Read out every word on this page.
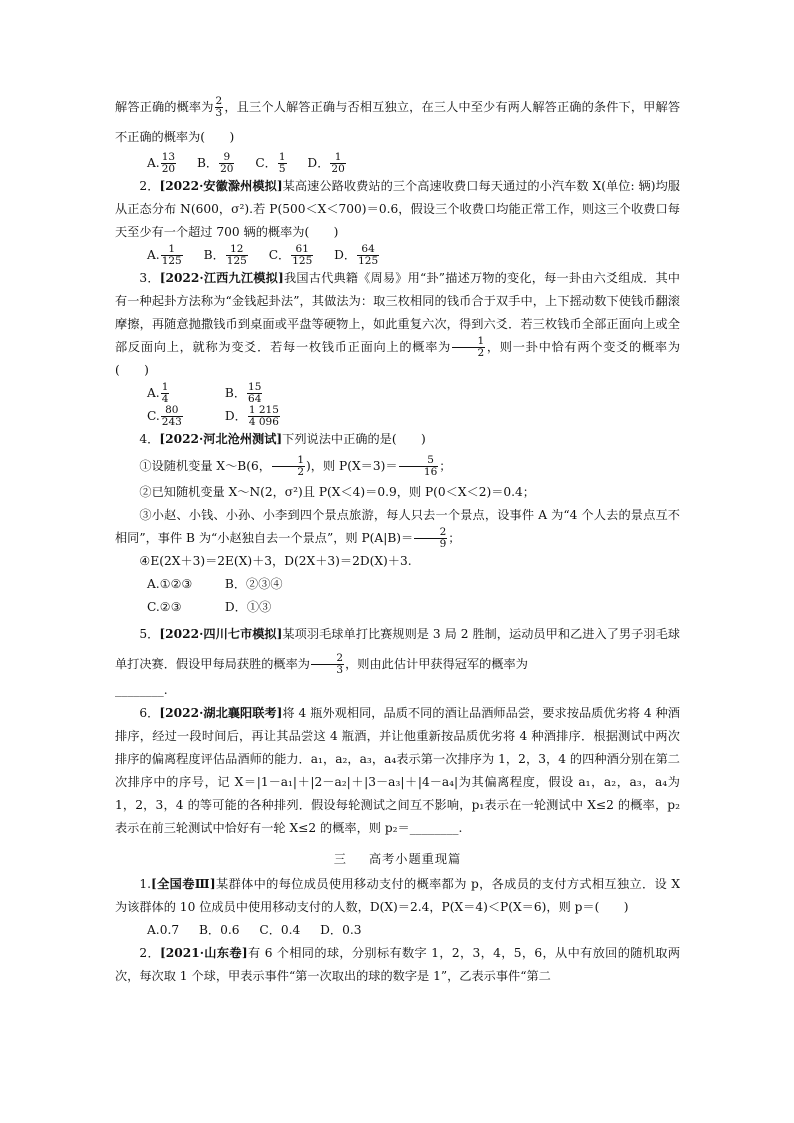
解答正确的概率为 $\frac{2}{3}$ ，且三个人解答正确与否相互独立，在三人中至少有两人解答正确的条件下，甲解答不正确的概率为(　　)

A. $\frac{13}{20}$ B． $\frac{9}{20}$ C． $\frac{1}{5}$ D． $\frac{1}{20}$

2．[2022·安徽滁州模拟]某高速公路收费站的三个高速收费口每天通过的小汽车数 X(单位: 辆)均服从正态分布 N(600，σ²).若 P(500＜X＜700)＝0.6，假设三个收费口均能正常工作，则这三个收费口每天至少有一个超过 700 辆的概率为(　　)

A. $\frac{1}{125}$ B． $\frac{12}{125}$ C． $\frac{61}{125}$ D． $\frac{64}{125}$

3．[2022·江西九江模拟]我国古代典籍《周易》用“卦”描述万物的变化，每一卦由六爻组成．其中有一种起卦方法称为“金钱起卦法”，其做法为：取三枚相同的钱币合于双手中，上下摇动数下使钱币翻滚摩擦，再随意抛撒钱币到桌面或平盘等硬物上，如此重复六次，得到六爻．若三枚钱币全部正面向上或全部反面向上，就称为变爻．若每一枚钱币正面向上的概率为 $\frac{1}{2}$ ，则一卦中恰有两个变爻的概率为(　　)

A. $\frac{1}{4}$	B． $\frac{15}{64}$
C. $\frac{80}{243}$	D． $\frac{1 215}{4 096}$

4．[2022·河北沧州测试]下列说法中正确的是(　　)

①设随机变量 X～B(6， $\frac{1}{2}$ )，则 $P(X=3)= \frac{5}{16}$ ；

②已知随机变量 X～N(2，σ²)且 P(X＜4)＝0.9，则 P(0＜X＜2)＝0.4；

③小赵、小钱、小孙、小李到四个景点旅游，每人只去一个景点，设事件 A 为“4 个人去的景点互不相同”，事件 B 为“小赵独自去一个景点”，则 $P(A|B)= \frac{2}{9}$ ；

④E(2X＋3)＝2E(X)＋3，D(2X＋3)＝2D(X)＋3.

A.①②③	B．②③④
C.②③	D．①③

5．[2022·四川七市模拟]某项羽毛球单打比赛规则是 3 局 2 胜制，运动员甲和乙进入了男子羽毛球单打决赛．假设甲每局获胜的概率为 $\frac{2}{3}$ ，则由此估计甲获得冠军的概率为

________.

6．[2022·湖北襄阳联考]将 4 瓶外观相同，品质不同的酒让品酒师品尝，要求按品质优劣将 4 种酒排序，经过一段时间后，再让其品尝这 4 瓶酒，并让他重新按品质优劣将 4 种酒排序．根据测试中两次排序的偏离程度评估品酒师的能力．a₁，a₂，a₃，a₄表示第一次排序为 1，2，3，4 的四种酒分别在第二次排序中的序号，记 X＝|1－a₁|＋|2－a₂|＋|3－a₃|＋|4－a₄|为其偏离程度，假设 a₁，a₂，a₃，a₄为 1，2，3，4 的等可能的各种排列．假设每轮测试之间互不影响，p₁表示在一轮测试中 X≤2 的概率，p₂表示在前三轮测试中恰好有一轮 X≤2 的概率，则 p₂＝________.

三 高考小题重现篇

1.[全国卷Ⅲ]某群体中的每位成员使用移动支付的概率都为 p，各成员的支付方式相互独立．设 X 为该群体的 10 位成员中使用移动支付的人数，D(X)＝2.4，P(X＝4)＜P(X＝6)，则 p＝(　　)

A.0.7 B．0.6 C．0.4 D．0.3

2．[2021·山东卷]有 6 个相同的球，分别标有数字 1，2，3，4，5，6，从中有放回的随机取两次，每次取 1 个球，甲表示事件“第一次取出的球的数字是 1”，乙表示事件“第二
